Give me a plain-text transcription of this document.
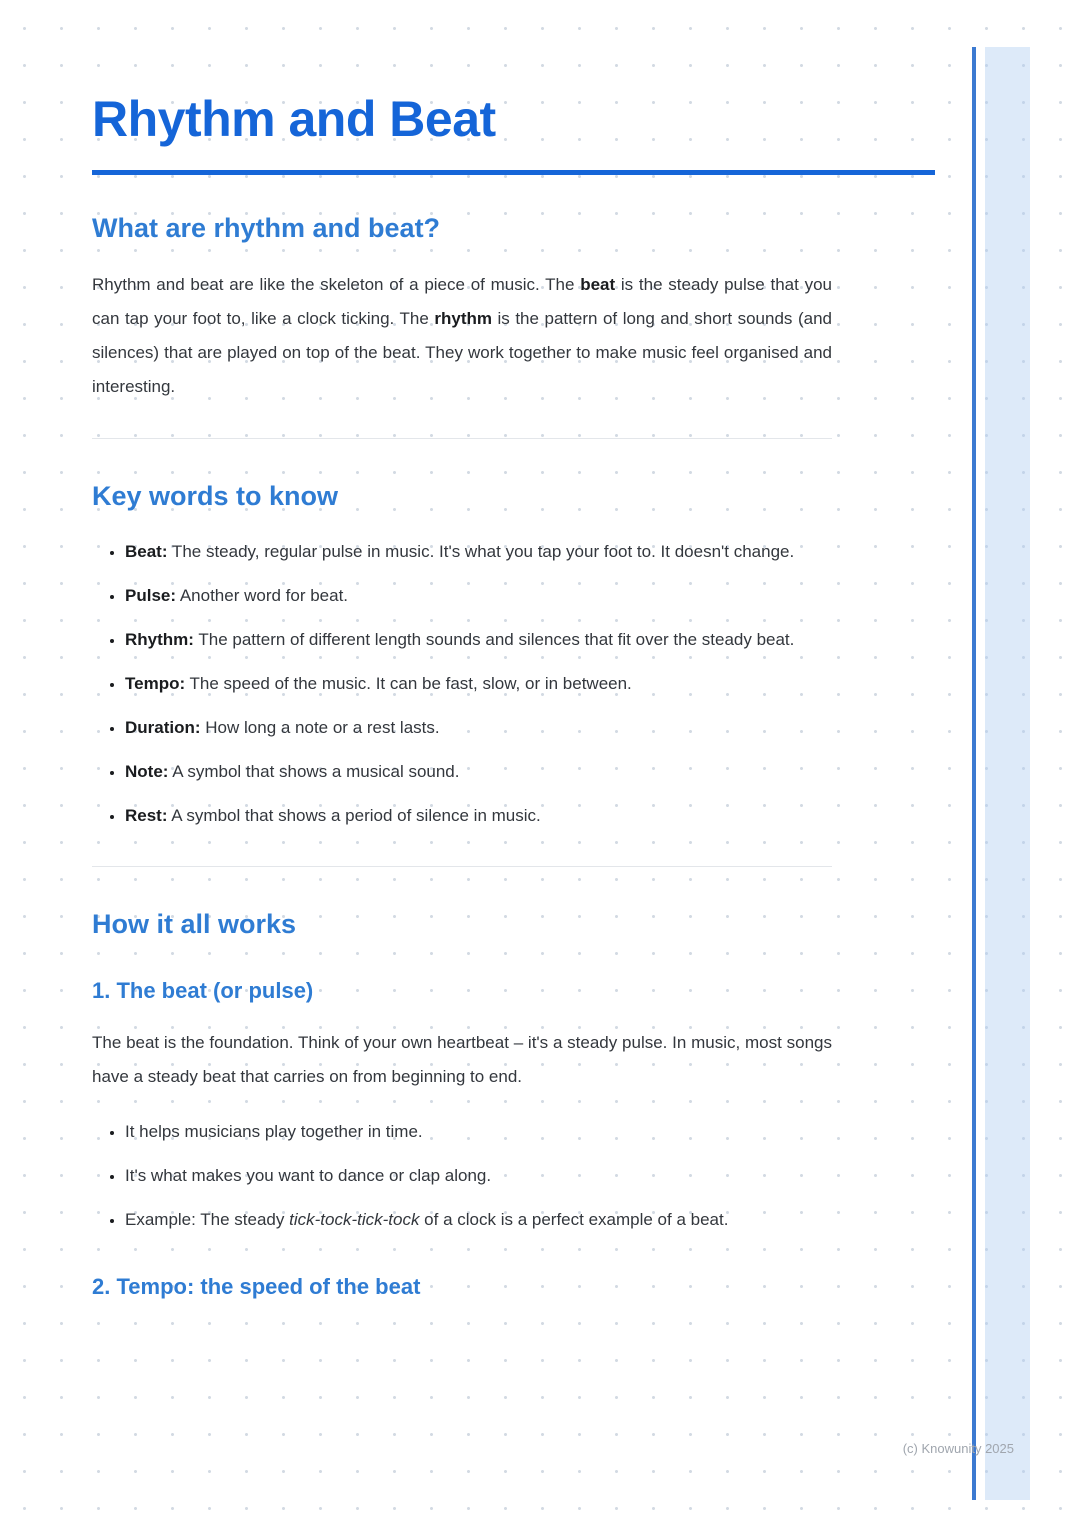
Rhythm and Beat
What are rhythm and beat?

Rhythm and beat are like the skeleton of a piece of music. The beat is the steady pulse that you can tap your foot to, like a clock ticking. The rhythm is the pattern of long and short sounds (and silences) that are played on top of the beat. They work together to make music feel organised and interesting.

Key words to know
• Beat: The steady, regular pulse in music. It's what you tap your foot to. It doesn't change.
• Pulse: Another word for beat.
• Rhythm: The pattern of different length sounds and silences that fit over the steady beat.
• Tempo: The speed of the music. It can be fast, slow, or in between.
• Duration: How long a note or a rest lasts.
• Note: A symbol that shows a musical sound.
• Rest: A symbol that shows a period of silence in music.
How it all works
1. The beat (or pulse)

The beat is the foundation. Think of your own heartbeat – it's a steady pulse. In music, most songs have a steady beat that carries on from beginning to end.

• It helps musicians play together in time.
• It's what makes you want to dance or clap along.
• Example: The steady tick-tock-tick-tock of a clock is a perfect example of a beat.
2. Tempo: the speed of the beat
(c) Knowunity 2025
